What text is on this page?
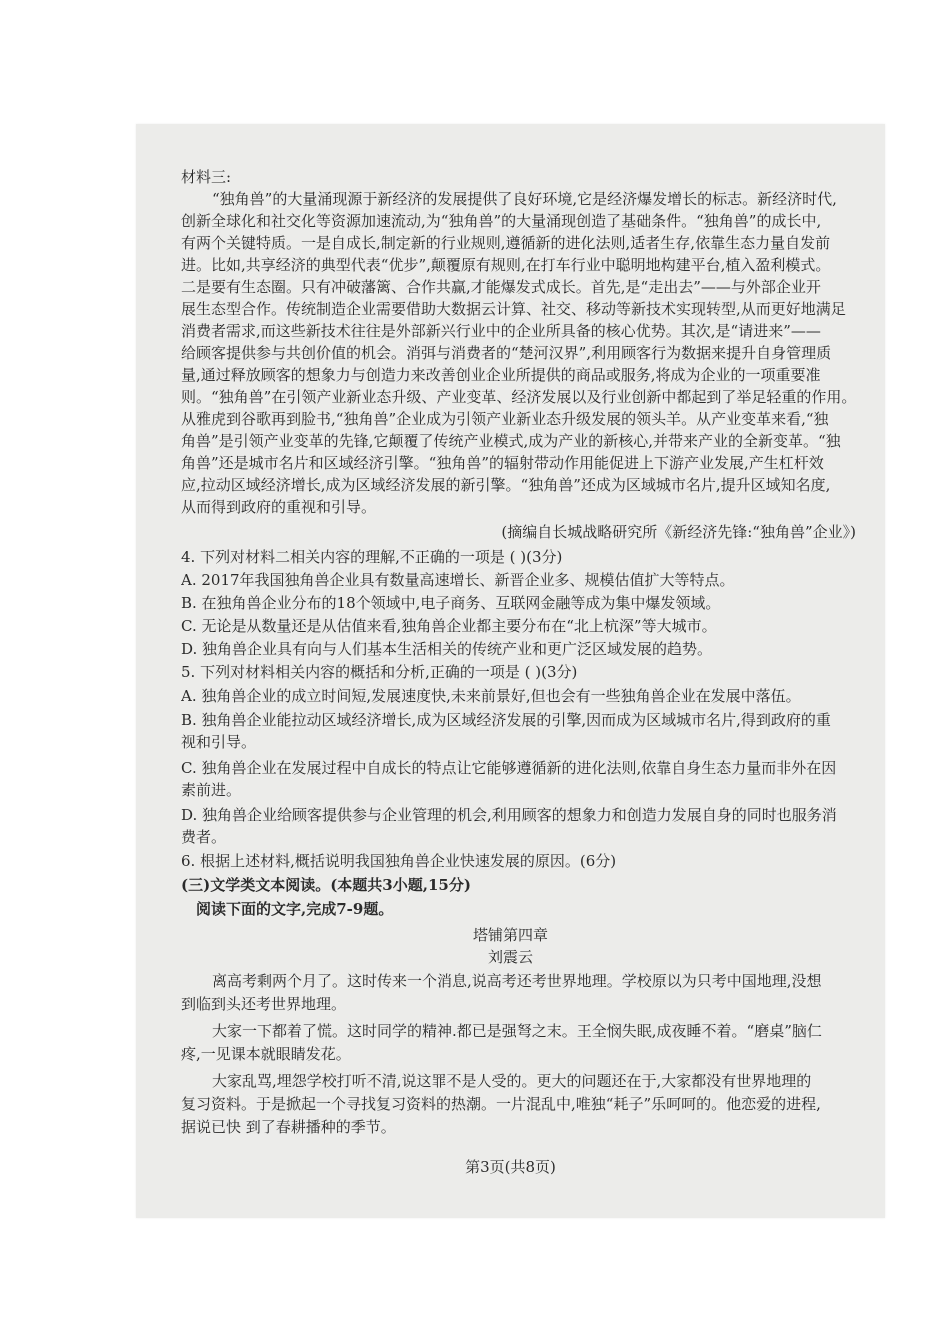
材料三:
“独角兽”的大量涌现源于新经济的发展提供了良好环境,它是经济爆发增长的标志。新经济时代,
创新全球化和社交化等资源加速流动,为“独角兽”的大量涌现创造了基础条件。“独角兽”的成长中,
有两个关键特质。一是自成长,制定新的行业规则,遵循新的进化法则,适者生存,依靠生态力量自发前
进。比如,共享经济的典型代表“优步”,颠覆原有规则,在打车行业中聪明地构建平台,植入盈利模式。
二是要有生态圈。只有冲破藩篱、合作共赢,才能爆发式成长。首先,是“走出去”——与外部企业开
展生态型合作。传统制造企业需要借助大数据云计算、社交、移动等新技术实现转型,从而更好地满足
消费者需求,而这些新技术往往是外部新兴行业中的企业所具备的核心优势。其次,是“请进来”——
给顾客提供参与共创价值的机会。消弭与消费者的“楚河汉界”,利用顾客行为数据来提升自身管理质
量,通过释放顾客的想象力与创造力来改善创业企业所提供的商品或服务,将成为企业的一项重要准
则。“独角兽”在引领产业新业态升级、产业变革、经济发展以及行业创新中都起到了举足轻重的作用。
从雅虎到谷歌再到脸书,“独角兽”企业成为引领产业新业态升级发展的领头羊。从产业变革来看,“独
角兽”是引领产业变革的先锋,它颠覆了传统产业模式,成为产业的新核心,并带来产业的全新变革。“独
角兽”还是城市名片和区域经济引擎。“独角兽”的辐射带动作用能促进上下游产业发展,产生杠杆效
应,拉动区域经济增长,成为区域经济发展的新引擎。“独角兽”还成为区域城市名片,提升区域知名度,
从而得到政府的重视和引导。
(摘编自长城战略研究所《新经济先锋:“独角兽”企业》)
4. 下列对材料二相关内容的理解,不正确的一项是 ( )(3分)
A. 2017年我国独角兽企业具有数量高速增长、新晋企业多、规模估值扩大等特点。
B. 在独角兽企业分布的18个领域中,电子商务、互联网金融等成为集中爆发领域。
C. 无论是从数量还是从估值来看,独角兽企业都主要分布在“北上杭深”等大城市。
D. 独角兽企业具有向与人们基本生活相关的传统产业和更广泛区域发展的趋势。
5. 下列对材料相关内容的概括和分析,正确的一项是 ( )(3分)
A. 独角兽企业的成立时间短,发展速度快,未来前景好,但也会有一些独角兽企业在发展中落伍。
B. 独角兽企业能拉动区域经济增长,成为区域经济发展的引擎,因而成为区域城市名片,得到政府的重
视和引导。
C. 独角兽企业在发展过程中自成长的特点让它能够遵循新的进化法则,依靠自身生态力量而非外在因
素前进。
D. 独角兽企业给顾客提供参与企业管理的机会,利用顾客的想象力和创造力发展自身的同时也服务消
费者。
6. 根据上述材料,概括说明我国独角兽企业快速发展的原因。(6分)
(三)文学类文本阅读。(本题共3小题,15分)
阅读下面的文字,完成7-9题。
塔铺第四章
刘震云
离高考剩两个月了。这时传来一个消息,说高考还考世界地理。学校原以为只考中国地理,没想
到临到头还考世界地理。
大家一下都着了慌。这时同学的精神.都已是强弩之末。王全悯失眠,成夜睡不着。“磨桌”脑仁
疼,一见课本就眼睛发花。
大家乱骂,埋怨学校打听不清,说这罪不是人受的。更大的问题还在于,大家都没有世界地理的
复习资料。于是掀起一个寻找复习资料的热潮。一片混乱中,唯独“耗子”乐呵呵的。他恋爱的进程,
据说已快 到了春耕播种的季节。
第3页(共8页)
